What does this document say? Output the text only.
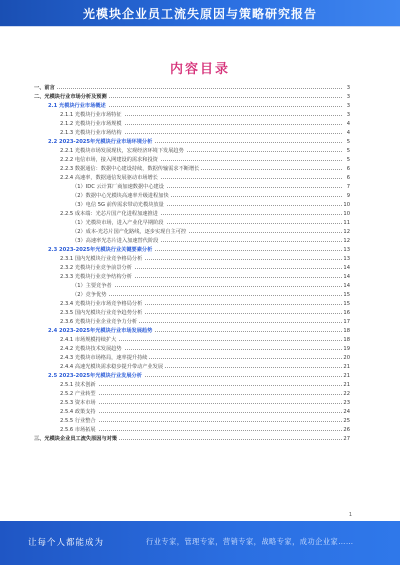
光模块企业员工流失原因与策略研究报告
内容目录
一、前言	3
二、光模块行业市场分析及预测	3
2.1 光模块行业市场概述	3
2.1.1 光模块行业市场特征	3
2.1.2 光模块行业市场规模	4
2.1.3 光模块行业市场结构	4
2.2 2023-2025年光模块行业市场环境分析	5
2.2.1 光模块市场发展现状，宏观经济环境下发展趋势	5
2.2.2 电信市场，接入网建设的需求和投资	5
2.2.3 数据通信：数据中心建设持续，数据传输需求不断增长	6
2.2.4 高速率，数据通信发展驱动市场增长	6
（1）IDC 云计算厂商加速数据中心建设	7
（2）数据中心光模块高速率升级进程加快	9
（3）电信 5G 前传需求带动光模块放量	10
2.2.5 成本端：光芯片国产化进程加速推进	10
（1）光模块市场，进入产业化早期阶段	11
（2）成本-光芯片国产化路线，逐步实现自主可控	12
（3）高速率光芯片进入加速替代阶段	12
2.3 2023-2025年光模块行业关键要素分析	13
2.3.1 国内光模块行业竞争格局分析	13
2.3.2 光模块行业竞争前景分析	14
2.3.3 光模块行业竞争结构分析	14
（1）主要竞争者	14
（2）竞争优势	15
2.3.4 光模块行业市场竞争格局分析	15
2.3.5 国内光模块行业竞争趋势分析	16
2.3.6 光模块行业企业竞争力分析	17
2.4 2023-2025年光模块行业市场发展趋势	18
2.4.1 市场规模持续扩大	18
2.4.2 光模块技术发展趋势	19
2.4.3 光模块市场格局，速率提升持续	20
2.4.4 高速光模块需求稳步提升带动产业发展	21
2.5 2023-2025年光模块行业发展分析	21
2.5.1 技术创新	21
2.5.2 产业转型	22
2.5.3 资本市场	23
2.5.4 政策支持	24
2.5.5 行业整合	25
2.5.6 市场拓展	26
三、光模块企业员工流失原因与对策	27
1
让每个人都能成为	行业专家，管理专家，营销专家，战略专家，成功企业家……
